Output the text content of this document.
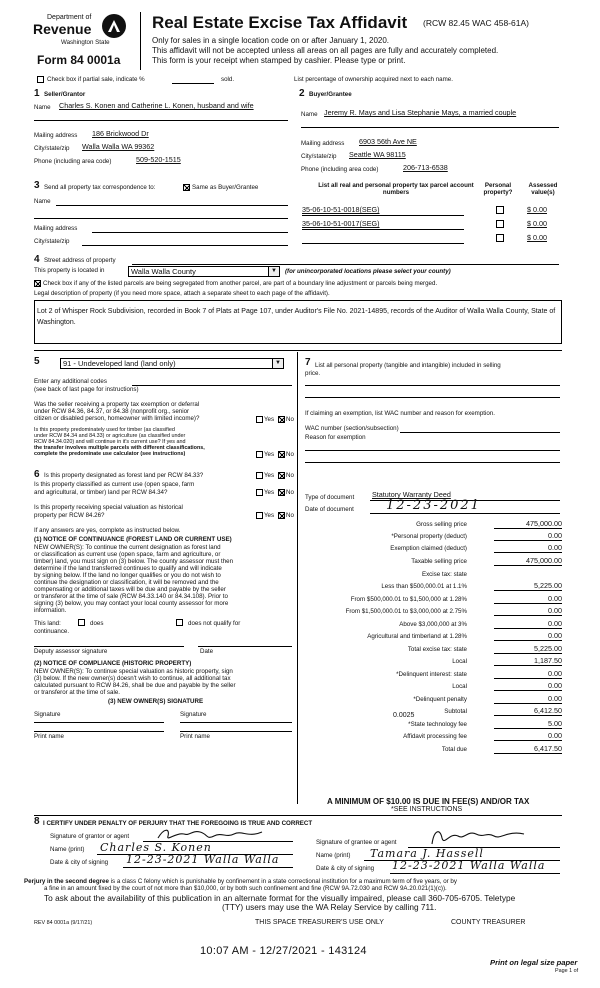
Department of
Revenue
Washington State
Form 84 0001a
Real Estate Excise Tax Affidavit (RCW 82.45 WAC 458-61A)
Only for sales in a single location code on or after January 1, 2020.
This affidavit will not be accepted unless all areas on all pages are fully and accurately completed.
This form is your receipt when stamped by cashier. Please type or print.
Check box if partial sale, indicate %	sold.	List percentage of ownership acquired next to each name.
1 Seller/Grantor
Name Charles S. Konen and Catherine L. Konen, husband and wife
Mailing address 186 Brickwood Dr
City/state/zip Walla Walla WA 99362
Phone (including area code)	509-520-1515
2 Buyer/Grantee
Name Jeremy R. Mays and Lisa Stephanie Mays, a married couple
Mailing address 6903 56th Ave NE
City/state/zip Seattle WA 98115
Phone (including area code)	206-713-6538
3 Send all property tax correspondence to:	Same as Buyer/Grantee
Name
Mailing address
City/state/zip
List all real and personal property tax parcel account numbers
Personal property?
Assessed value(s)
35-06-10-51-0018(SEG)	$ 0.00
35-06-10-51-0017(SEG)	$ 0.00
$ 0.00
4 Street address of property
This property is located in	Walla Walla County	▼	(for unincorporated locations please select your county)
Check box if any of the listed parcels are being segregated from another parcel, are part of a boundary line adjustment or parcels being merged.
Legal description of property (if you need more space, attach a separate sheet to each page of the affidavit).
Lot 2 of Whisper Rock Subdivision, recorded in Book 7 of Plats at Page 107, under Auditor's File No. 2021-14895, records of the Auditor of Walla Walla County, State of Washington.
5	91 - Undeveloped land (land only)	▼
Enter any additional codes
(see back of last page for instructions)
Was the seller receiving a property tax exemption or deferral
under RCW 84.36, 84.37, or 84.38 (nonprofit org., senior
citizen or disabled person, homeowner with limited income)?	Yes No
Is this property predominately used for timber (as classified
under RCW 84.34 and 84.33) or agriculture (as classified under
RCW 84.34.020) and will continue in it's current use? If yes and
the transfer involves multiple parcels with different classifications,
complete the predominate use calculator (see instructions)	Yes No
6 Is this property designated as forest land per RCW 84.33?	Yes No
Is this property classified as current use (open space, farm
and agricultural, or timber) land per RCW 84.34?	Yes No
Is this property receiving special valuation as historical
property per RCW 84.26?	Yes No
If any answers are yes, complete as instructed below.
(1) NOTICE OF CONTINUANCE (FOREST LAND OR CURRENT USE)
NEW OWNER(S): To continue the current designation as forest land
or classification as current use (open space, farm and agriculture, or
timber) land, you must sign on (3) below. The county assessor must then
determine if the land transferred continues to qualify and will indicate
by signing below. If the land no longer qualifies or you do not wish to
continue the designation or classification, it will be removed and the
compensating or additional taxes will be due and payable by the seller
or transferor at the time of sale (RCW 84.33.140 or 84.34.108). Prior to
signing (3) below, you may contact your local county assessor for more
information.
This land:	does	does not qualify for
continuance.
Deputy assessor signature	Date
(2) NOTICE OF COMPLIANCE (HISTORIC PROPERTY)
NEW OWNER(S): To continue special valuation as historic property, sign
(3) below. If the new owner(s) doesn't wish to continue, all additional tax
calculated pursuant to RCW 84.26, shall be due and payable by the seller
or transferor at the time of sale.
(3) NEW OWNER(S) SIGNATURE
Signature	Signature
Print name	Print name
7 List all personal property (tangible and intangible) included in selling
price.
If claiming an exemption, list WAC number and reason for exemption.
WAC number (section/subsection)
Reason for exemption
Type of document Statutory Warranty Deed
Date of document 12-23-2021
Gross selling price	475,000.00
*Personal property (deduct)	0.00
Exemption claimed (deduct)	0.00
Taxable selling price	475,000.00
Excise tax: state
Less than $500,000.01 at 1.1%	5,225.00
From $500,000.01 to $1,500,000 at 1.28%	0.00
From $1,500,000.01 to $3,000,000 at 2.75%	0.00
Above $3,000,000 at 3%	0.00
Agricultural and timberland at 1.28%	0.00
Total excise tax: state	5,225.00
Local	1,187.50
*Delinquent interest: state	0.00
Local	0.00
*Delinquent penalty	0.00
Subtotal	6,412.50
*State technology fee	5.00
Affidavit processing fee	0.00
Total due	6,417.50
0.0025
A MINIMUM OF $10.00 IS DUE IN FEE(S) AND/OR TAX
*SEE INSTRUCTIONS
8 I CERTIFY UNDER PENALTY OF PERJURY THAT THE FOREGOING IS TRUE AND CORRECT
Signature of grantor or agent
Name (print) Charles S. Konen
Date & city of signing 12-23-2021 Walla Walla
Signature of grantee or agent
Name (print) Tamara J. Hassell
Date & city of signing 12-23-2021 Walla Walla
Perjury in the second degree is a class C felony which is punishable by confinement in a state correctional institution for a maximum term of five years, or by
a fine in an amount fixed by the court of not more than $10,000, or by both such confinement and fine (RCW 9A.72.030 and RCW 9A.20.021(1)(c)).
To ask about the availability of this publication in an alternate format for the visually impaired, please call 360-705-6705. Teletype
(TTY) users may use the WA Relay Service by calling 711.
REV 84 0001a (9/17/21)	THIS SPACE TREASURER'S USE ONLY	COUNTY TREASURER
10:07 AM - 12/27/2021 - 143124
Print on legal size paper
Page 1 of
